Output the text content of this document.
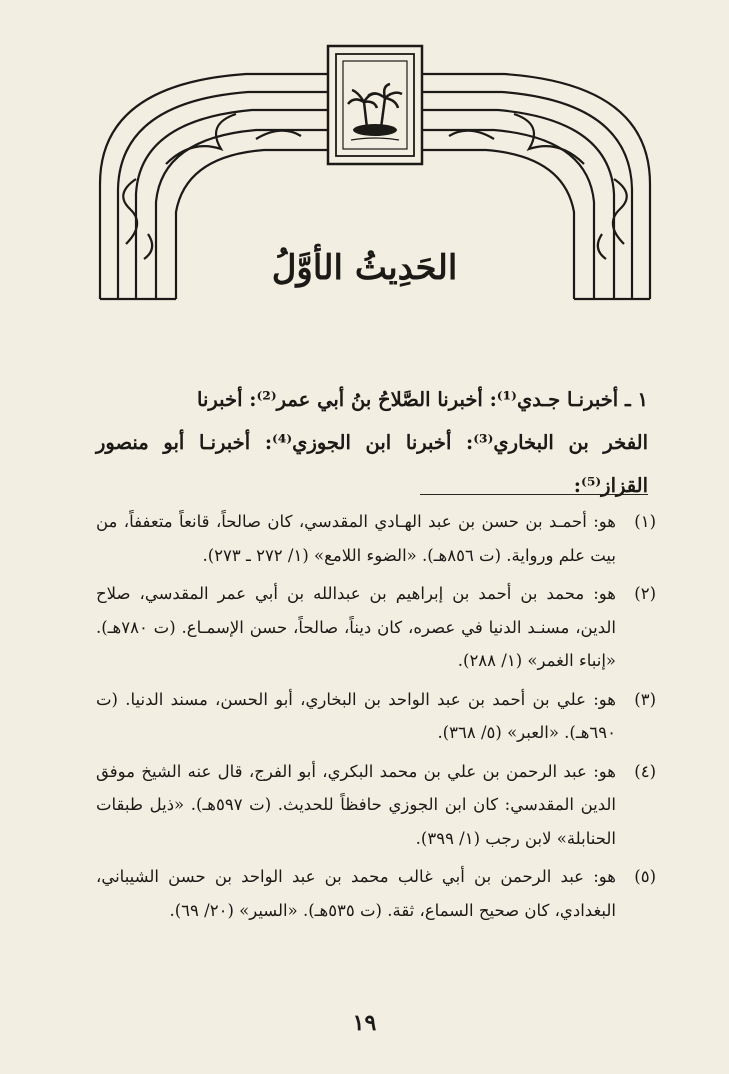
الحَدِيثُ الأوَّلُ

١ ـ أخبرنـا جـدي⁽¹⁾: أخبرنا الصَّلاحُ بنُ أبي عمر⁽²⁾: أخبرنا

الفخر بن البخاري⁽³⁾: أخبرنا ابن الجوزي⁽⁴⁾: أخبرنـا أبو منصور القزاز⁽⁵⁾:

(١)
هو: أحمـد بن حسن بن عبد الهـادي المقدسي، كان صالحاً، قانعاً متعففاً، من بيت علم ورواية. (ت ٨٥٦هـ). «الضوء اللامع» (١/ ٢٧٢ ـ ٢٧٣).
(٢)
هو: محمد بن أحمد بن إبراهيم بن عبدالله بن أبي عمر المقدسي، صلاح الدين، مسنـد الدنيا في عصره، كان ديناً، صالحاً، حسن الإسمـاع. (ت ٧٨٠هـ). «إنباء الغمر» (١/ ٢٨٨).
(٣)
هو: علي بن أحمد بن عبد الواحد بن البخاري، أبو الحسن، مسند الدنيا. (ت ٦٩٠هـ). «العبر» (٥/ ٣٦٨).
(٤)
هو: عبد الرحمن بن علي بن محمد البكري، أبو الفرج، قال عنه الشيخ موفق الدين المقدسي: كان ابن الجوزي حافظاً للحديث. (ت ٥٩٧هـ). «ذيل طبقات الحنابلة» لابن رجب (١/ ٣٩٩).
(٥)
هو: عبد الرحمن بن أبي غالب محمد بن عبد الواحد بن حسن الشيباني، البغدادي، كان صحيح السماع، ثقة. (ت ٥٣٥هـ). «السير» (٢٠/ ٦٩).
١٩
